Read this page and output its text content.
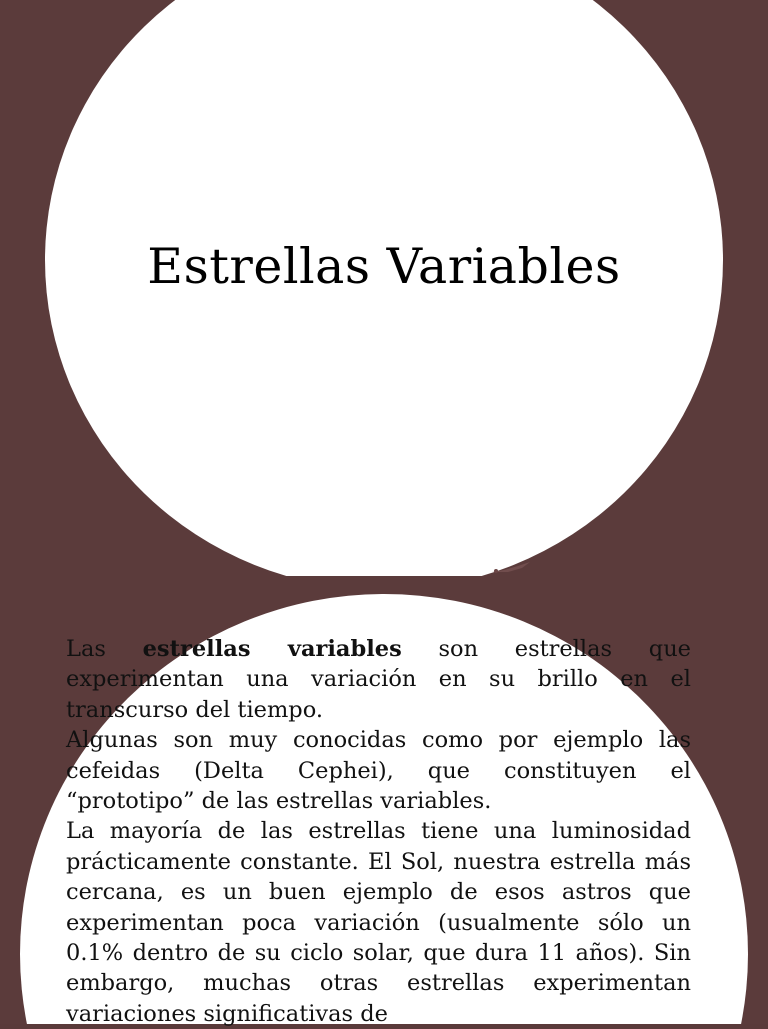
Estrellas Variables

Las estrellas variables son estrellas que experimentan una variación en su brillo en el transcurso del tiempo.

Algunas son muy conocidas como por ejemplo las cefeidas (Delta Cephei), que constituyen el “prototipo” de las estrellas variables.

La mayoría de las estrellas tiene una luminosidad prácticamente constante. El Sol, nuestra estrella más cercana, es un buen ejemplo de esos astros que experimentan poca variación (usualmente sólo un 0.1% dentro de su ciclo solar, que dura 11 años). Sin embargo, muchas otras estrellas experimentan variaciones significativas de
